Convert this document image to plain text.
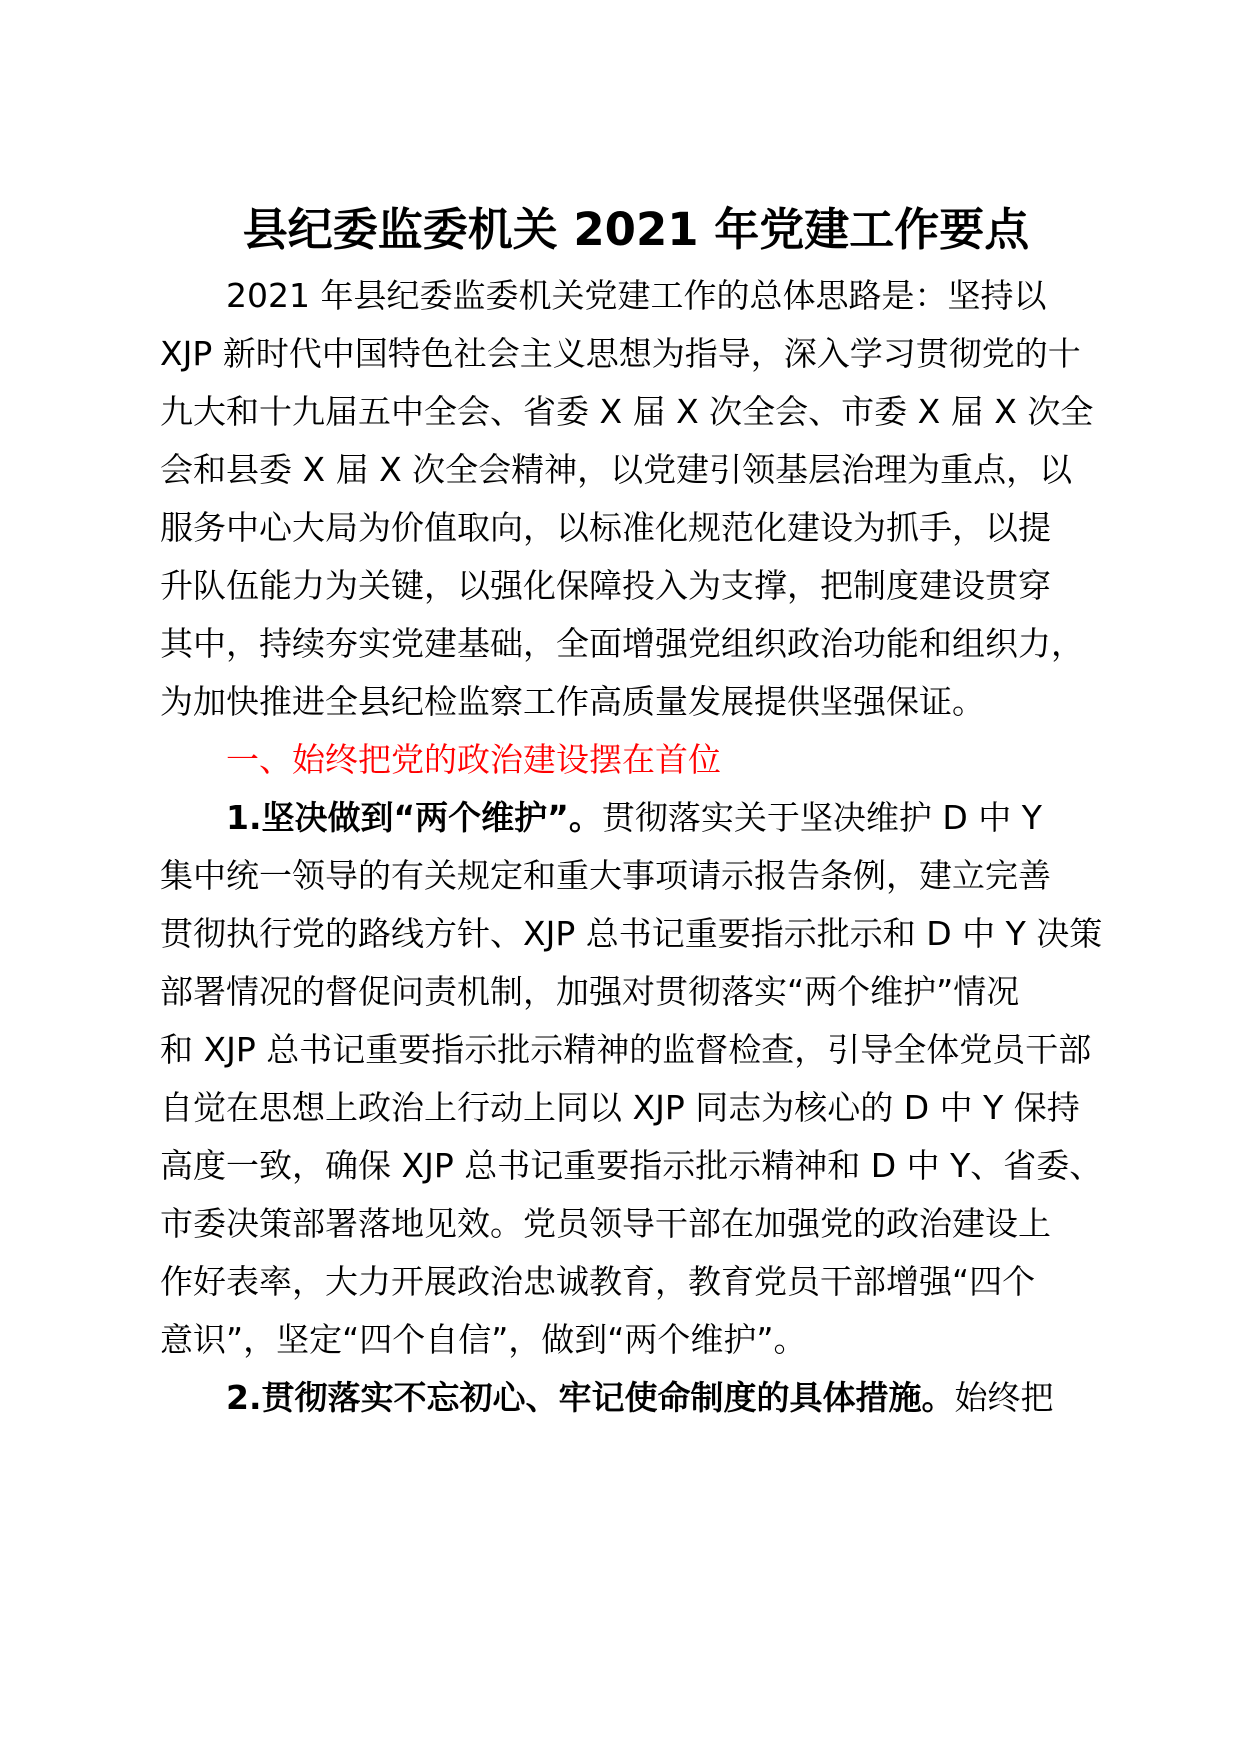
县纪委监委机关 2021 年党建工作要点

2021 年县纪委监委机关党建工作的总体思路是：坚持以

XJP 新时代中国特色社会主义思想为指导，深入学习贯彻党的十

九大和十九届五中全会、省委 X 届 X 次全会、市委 X 届 X 次全

会和县委 X 届 X 次全会精神，以党建引领基层治理为重点，以

服务中心大局为价值取向，以标准化规范化建设为抓手，以提

升队伍能力为关键，以强化保障投入为支撑，把制度建设贯穿

其中，持续夯实党建基础，全面增强党组织政治功能和组织力，

为加快推进全县纪检监察工作高质量发展提供坚强保证。

一、始终把党的政治建设摆在首位

1.坚决做到“两个维护”。贯彻落实关于坚决维护 D 中 Y

集中统一领导的有关规定和重大事项请示报告条例，建立完善

贯彻执行党的路线方针、XJP 总书记重要指示批示和 D 中 Y 决策

部署情况的督促问责机制，加强对贯彻落实“两个维护”情况

和 XJP 总书记重要指示批示精神的监督检查，引导全体党员干部

自觉在思想上政治上行动上同以 XJP 同志为核心的 D 中 Y 保持

高度一致，确保 XJP 总书记重要指示批示精神和 D 中 Y、省委、

市委决策部署落地见效。党员领导干部在加强党的政治建设上

作好表率，大力开展政治忠诚教育，教育党员干部增强“四个

意识”，坚定“四个自信”，做到“两个维护”。

2.贯彻落实不忘初心、牢记使命制度的具体措施。始终把
